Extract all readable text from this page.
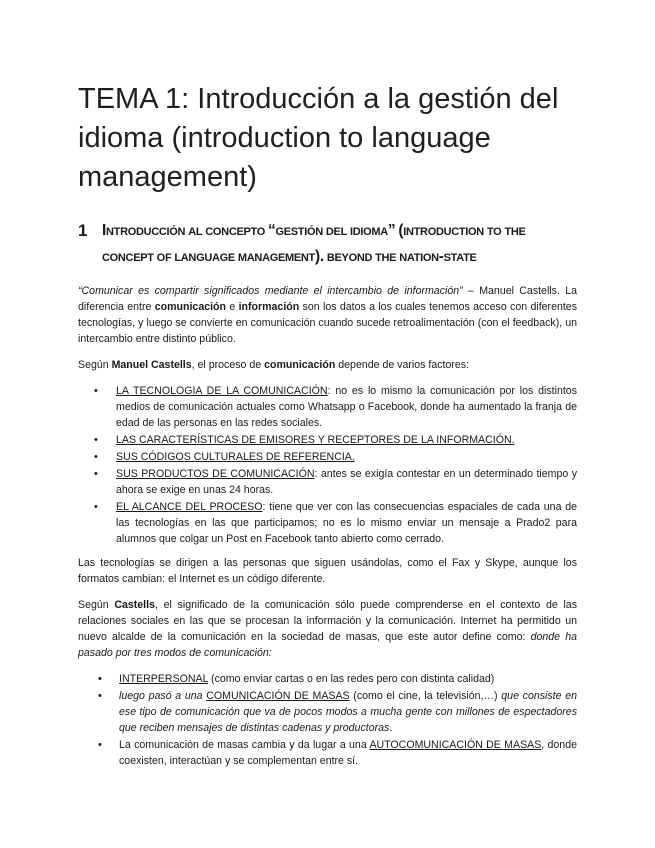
TEMA 1: Introducción a la gestión del idioma (introduction to language management)
1 Introducción al concepto “gestión del idioma” (introduction to the concept of language management). beyond the nation-state

“Comunicar es compartir significados mediante el intercambio de información” – Manuel Castells. La diferencia entre comunicación e información son los datos a los cuales tenemos acceso con diferentes tecnologías, y luego se convierte en comunicación cuando sucede retroalimentación (con el feedback), un intercambio entre distinto público.

Según Manuel Castells, el proceso de comunicación depende de varios factores:

• LA TECNOLOGIA DE LA COMUNICACIÓN: no es lo mismo la comunicación por los distintos medios de comunicación actuales como Whatsapp o Facebook, donde ha aumentado la franja de edad de las personas en las redes sociales.
• LAS CARACTERÍSTICAS DE EMISORES Y RECEPTORES DE LA INFORMACIÓN.
• SUS CÓDIGOS CULTURALES DE REFERENCIA.
• SUS PRODUCTOS DE COMUNICACIÓN: antes se exigía contestar en un determinado tiempo y ahora se exige en unas 24 horas.
• EL ALCANCE DEL PROCESO: tiene que ver con las consecuencias espaciales de cada una de las tecnologías en las que participamos; no es lo mismo enviar un mensaje a Prado2 para alumnos que colgar un Post en Facebook tanto abierto como cerrado.

Las tecnologías se dirigen a las personas que siguen usándolas, como el Fax y Skype, aunque los formatos cambian: el Internet es un código diferente.

Según Castells, el significado de la comunicación sólo puede comprenderse en el contexto de las relaciones sociales en las que se procesan la información y la comunicación. Internet ha permitido un nuevo alcalde de la comunicación en la sociedad de masas, que este autor define como: donde ha pasado por tres modos de comunicación:

• INTERPERSONAL (como enviar cartas o en las redes pero con distinta calidad)
• luego pasó a una COMUNICACIÓN DE MASAS (como el cine, la televisión,…) que consiste en ese tipo de comunicación que va de pocos modos a mucha gente con millones de espectadores que reciben mensajes de distintas cadenas y productoras.
• La comunicación de masas cambia y da lugar a una AUTOCOMUNICACIÓN DE MASAS, donde coexisten, interactúan y se complementan entre sí.
